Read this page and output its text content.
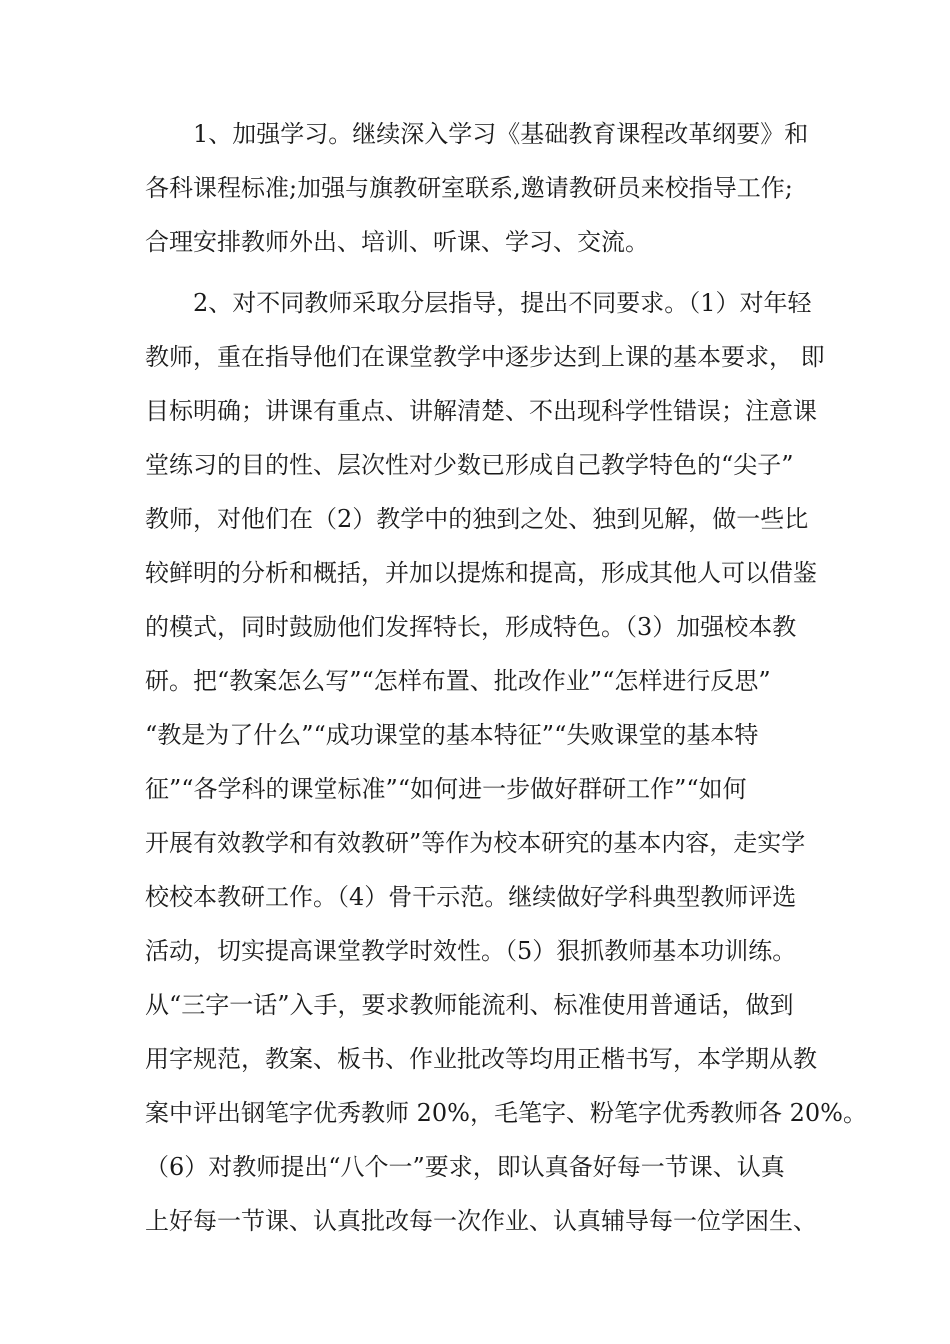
1、加强学习。继续深入学习《基础教育课程改革纲要》和
各科课程标准;加强与旗教研室联系,邀请教研员来校指导工作;
合理安排教师外出、培训、听课、学习、交流。
2、对不同教师采取分层指导，提出不同要求。（1）对年轻
教师，重在指导他们在课堂教学中逐步达到上课的基本要求， 即
目标明确；讲课有重点、讲解清楚、不出现科学性错误；注意课
堂练习的目的性、层次性对少数已形成自己教学特色的“尖子”
教师，对他们在（2）教学中的独到之处、独到见解，做一些比
较鲜明的分析和概括，并加以提炼和提高，形成其他人可以借鉴
的模式，同时鼓励他们发挥特长，形成特色。（3）加强校本教
研。把“教案怎么写”“怎样布置、批改作业”“怎样进行反思”
“教是为了什么”“成功课堂的基本特征”“失败课堂的基本特
征”“各学科的课堂标准”“如何进一步做好群研工作”“如何
开展有效教学和有效教研”等作为校本研究的基本内容，走实学
校校本教研工作。（4）骨干示范。继续做好学科典型教师评选
活动，切实提高课堂教学时效性。（5）狠抓教师基本功训练。
从“三字一话”入手，要求教师能流利、标准使用普通话，做到
用字规范，教案、板书、作业批改等均用正楷书写，本学期从教
案中评出钢笔字优秀教师 20%，毛笔字、粉笔字优秀教师各 20%。
（6）对教师提出“八个一”要求，即认真备好每一节课、认真
上好每一节课、认真批改每一次作业、认真辅导每一位学困生、
